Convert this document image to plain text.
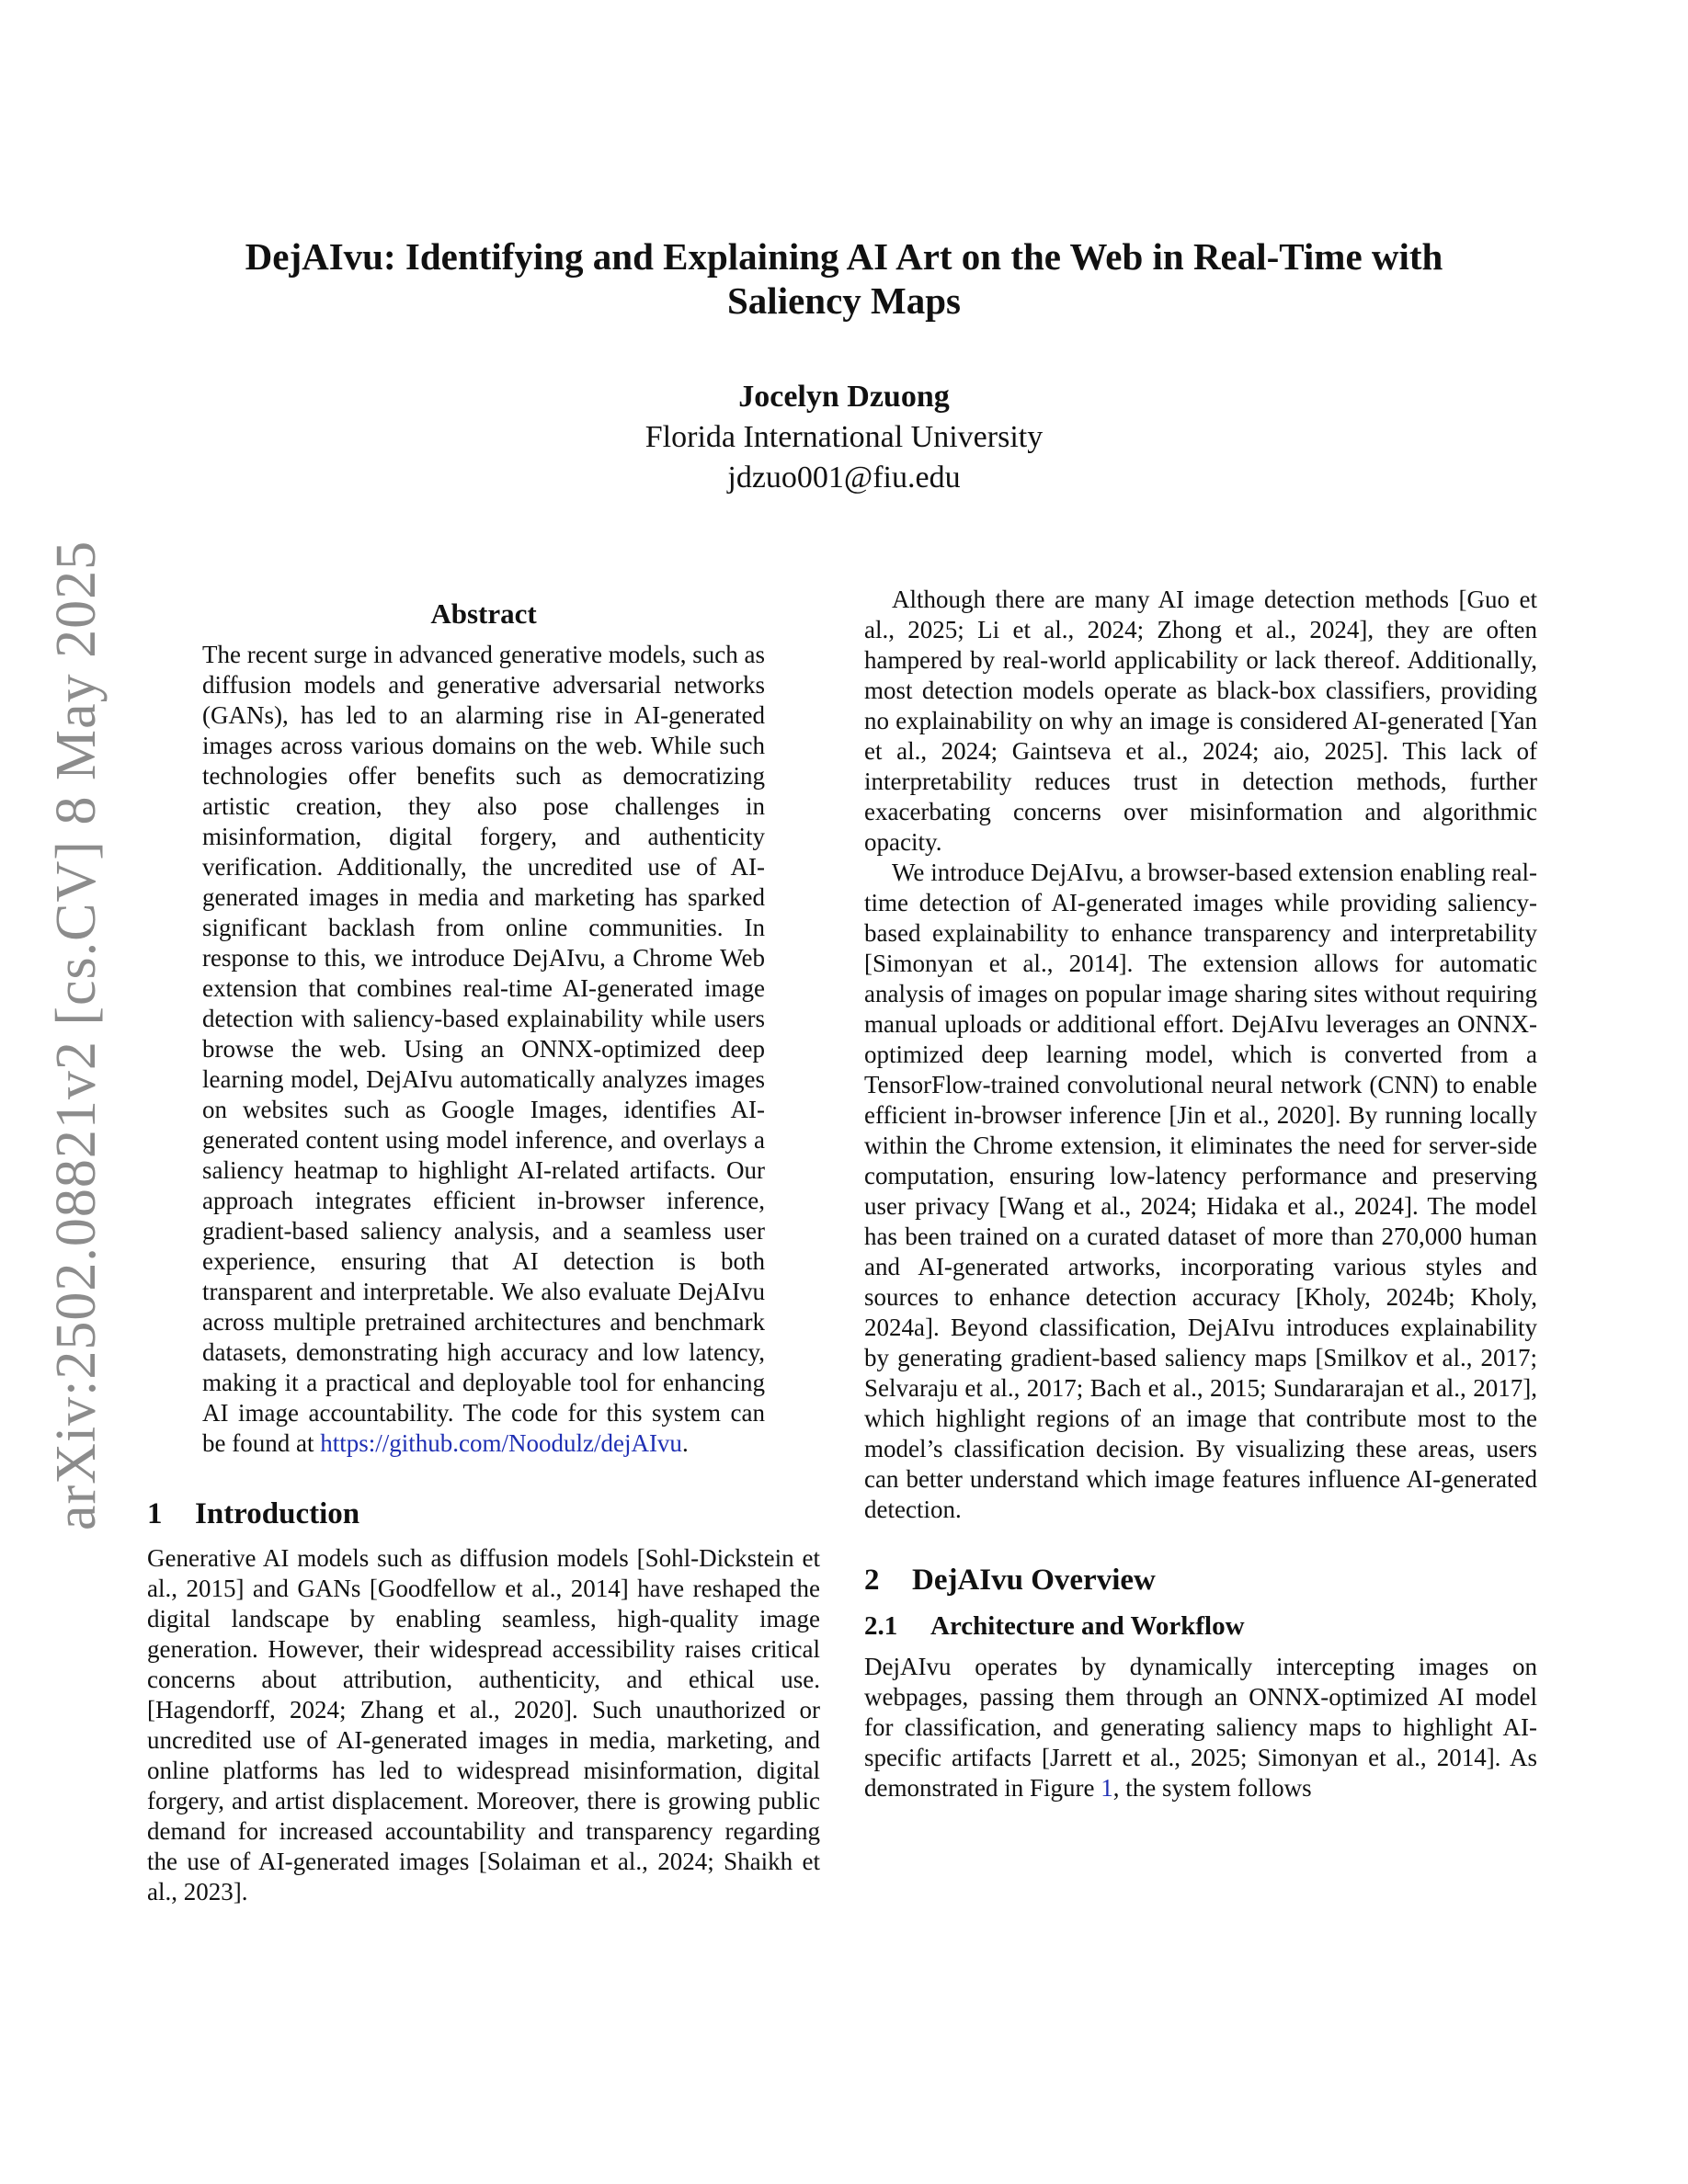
arXiv:2502.08821v2 [cs.CV] 8 May 2025
DejAIvu: Identifying and Explaining AI Art on the Web in Real-Time with
Saliency Maps
Jocelyn Dzuong
Florida International University
jdzuo001@fiu.edu
Abstract

The recent surge in advanced generative models, such as diffusion models and generative adversarial networks (GANs), has led to an alarming rise in AI-generated images across various domains on the web. While such technologies offer benefits such as democratizing artistic creation, they also pose challenges in misinformation, digital forgery, and authenticity verification. Additionally, the uncredited use of AI-generated images in media and marketing has sparked significant backlash from online communities. In response to this, we introduce DejAIvu, a Chrome Web extension that combines real-time AI-generated image detection with saliency-based explainability while users browse the web. Using an ONNX-optimized deep learning model, DejAIvu automatically analyzes images on websites such as Google Images, identifies AI-generated content using model inference, and overlays a saliency heatmap to highlight AI-related artifacts. Our approach integrates efficient in-browser inference, gradient-based saliency analysis, and a seamless user experience, ensuring that AI detection is both transparent and interpretable. We also evaluate DejAIvu across multiple pretrained architectures and benchmark datasets, demonstrating high accuracy and low latency, making it a practical and deployable tool for enhancing AI image accountability. The code for this system can be found at https://github.com/Noodulz/dejAIvu.

1 Introduction

Generative AI models such as diffusion models [Sohl-Dickstein et al., 2015] and GANs [Goodfellow et al., 2014] have reshaped the digital landscape by enabling seamless, high-quality image generation. However, their widespread accessibility raises critical concerns about attribution, authenticity, and ethical use. [Hagendorff, 2024; Zhang et al., 2020]. Such unauthorized or uncredited use of AI-generated images in media, marketing, and online platforms has led to widespread misinformation, digital forgery, and artist displacement. Moreover, there is growing public demand for increased accountability and transparency regarding the use of AI-generated images [Solaiman et al., 2024; Shaikh et al., 2023].

Although there are many AI image detection methods [Guo et al., 2025; Li et al., 2024; Zhong et al., 2024], they are often hampered by real-world applicability or lack thereof. Additionally, most detection models operate as black-box classifiers, providing no explainability on why an image is considered AI-generated [Yan et al., 2024; Gaintseva et al., 2024; aio, 2025]. This lack of interpretability reduces trust in detection methods, further exacerbating concerns over misinformation and algorithmic opacity.

We introduce DejAIvu, a browser-based extension enabling real-time detection of AI-generated images while providing saliency-based explainability to enhance transparency and interpretability [Simonyan et al., 2014]. The extension allows for automatic analysis of images on popular image sharing sites without requiring manual uploads or additional effort. DejAIvu leverages an ONNX-optimized deep learning model, which is converted from a TensorFlow-trained convolutional neural network (CNN) to enable efficient in-browser inference [Jin et al., 2020]. By running locally within the Chrome extension, it eliminates the need for server-side computation, ensuring low-latency performance and preserving user privacy [Wang et al., 2024; Hidaka et al., 2024]. The model has been trained on a curated dataset of more than 270,000 human and AI-generated artworks, incorporating various styles and sources to enhance detection accuracy [Kholy, 2024b; Kholy, 2024a]. Beyond classification, DejAIvu introduces explainability by generating gradient-based saliency maps [Smilkov et al., 2017; Selvaraju et al., 2017; Bach et al., 2015; Sundararajan et al., 2017], which highlight regions of an image that contribute most to the model’s classification decision. By visualizing these areas, users can better understand which image features influence AI-generated detection.

2 DejAIvu Overview
2.1 Architecture and Workflow

DejAIvu operates by dynamically intercepting images on webpages, passing them through an ONNX-optimized AI model for classification, and generating saliency maps to highlight AI-specific artifacts [Jarrett et al., 2025; Simonyan et al., 2014]. As demonstrated in Figure 1, the system follows
